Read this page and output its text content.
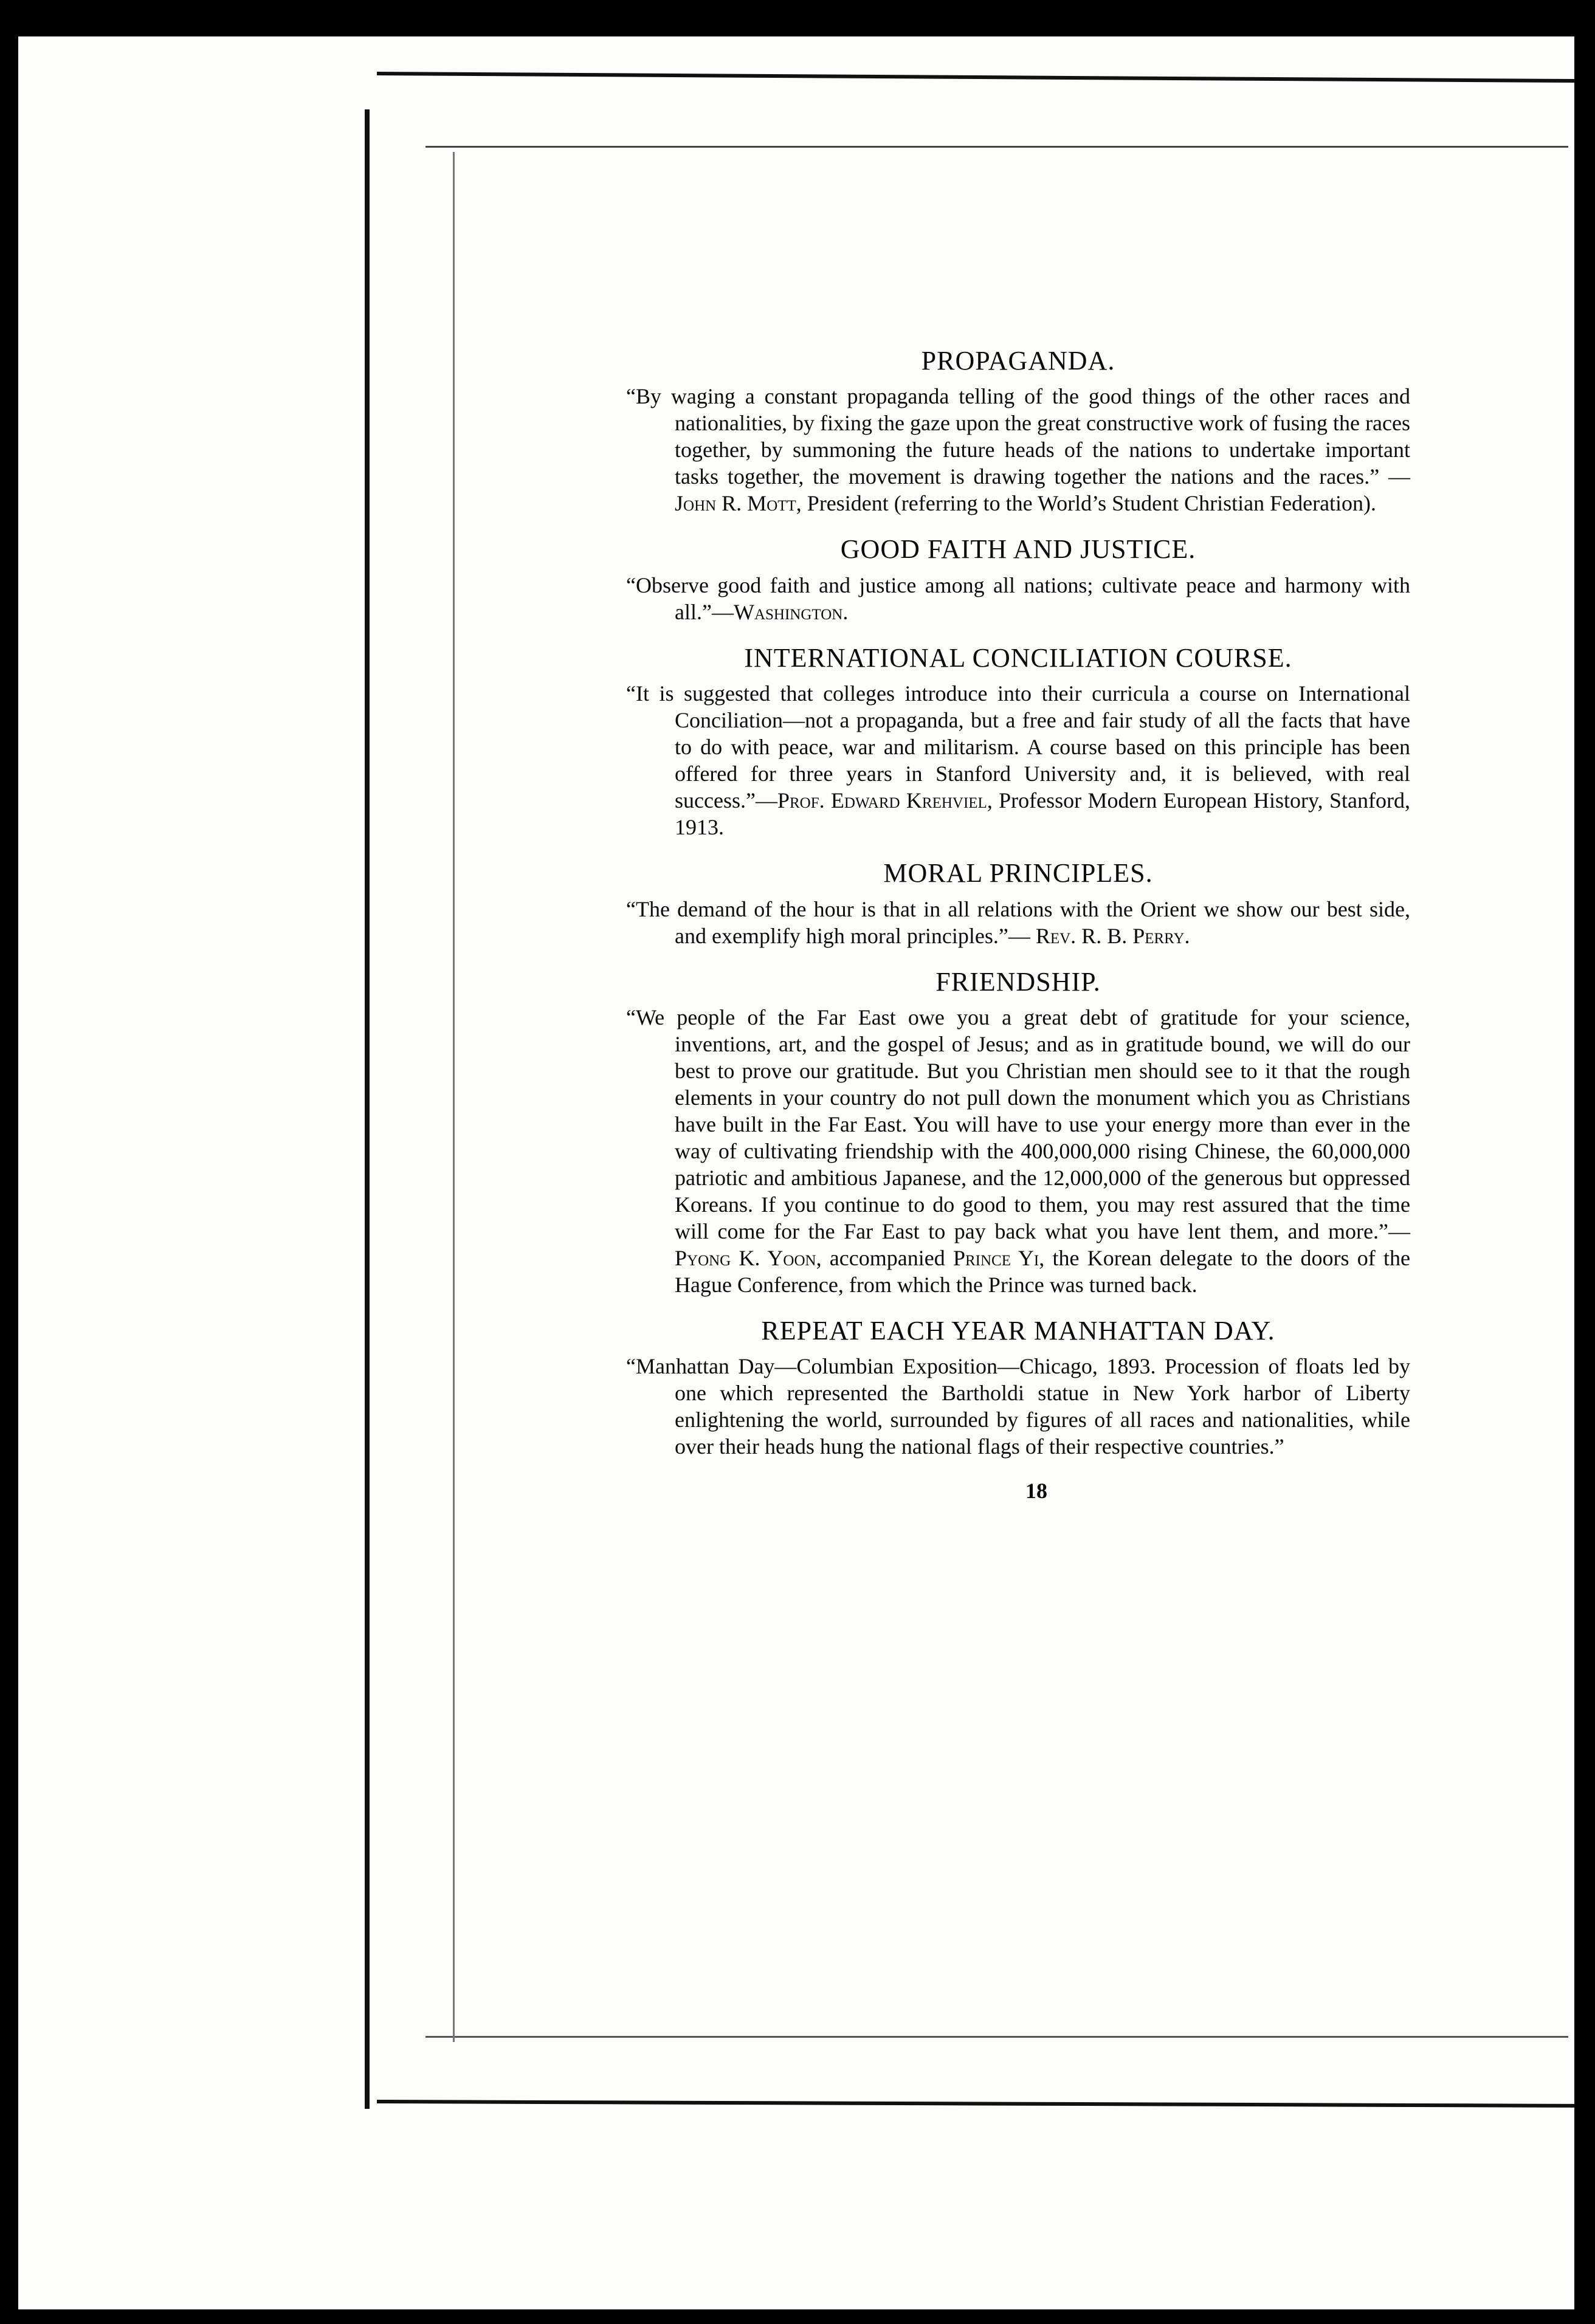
PROPAGANDA.

“By waging a constant propaganda telling of the good things of the other races and nationalities, by fixing the gaze upon the great constructive work of fusing the races together, by summoning the future heads of the nations to undertake important tasks together, the movement is drawing together the nations and the races.” — John R. Mott, President (referring to the World’s Student Christian Federation).

GOOD FAITH AND JUSTICE.

“Observe good faith and justice among all nations; cultivate peace and harmony with all.”—Washington.

INTERNATIONAL CONCILIATION COURSE.

“It is suggested that colleges introduce into their curricula a course on International Conciliation—not a propaganda, but a free and fair study of all the facts that have to do with peace, war and militarism. A course based on this principle has been offered for three years in Stanford University and, it is believed, with real success.”—Prof. Edward Krehviel, Professor Modern European History, Stanford, 1913.

MORAL PRINCIPLES.

“The demand of the hour is that in all relations with the Orient we show our best side, and exemplify high moral principles.”— Rev. R. B. Perry.

FRIENDSHIP.

“We people of the Far East owe you a great debt of gratitude for your science, inventions, art, and the gospel of Jesus; and as in gratitude bound, we will do our best to prove our gratitude. But you Christian men should see to it that the rough elements in your country do not pull down the monument which you as Christians have built in the Far East. You will have to use your energy more than ever in the way of cultivating friendship with the 400,000,000 rising Chinese, the 60,000,000 patriotic and ambitious Japanese, and the 12,000,000 of the generous but oppressed Koreans. If you continue to do good to them, you may rest assured that the time will come for the Far East to pay back what you have lent them, and more.”—Pyong K. Yoon, accompanied Prince Yi, the Korean delegate to the doors of the Hague Conference, from which the Prince was turned back.

REPEAT EACH YEAR MANHATTAN DAY.

“Manhattan Day—Columbian Exposition—Chicago, 1893. Procession of floats led by one which represented the Bartholdi statue in New York harbor of Liberty enlightening the world, surrounded by figures of all races and nationalities, while over their heads hung the national flags of their respective countries.”

18
